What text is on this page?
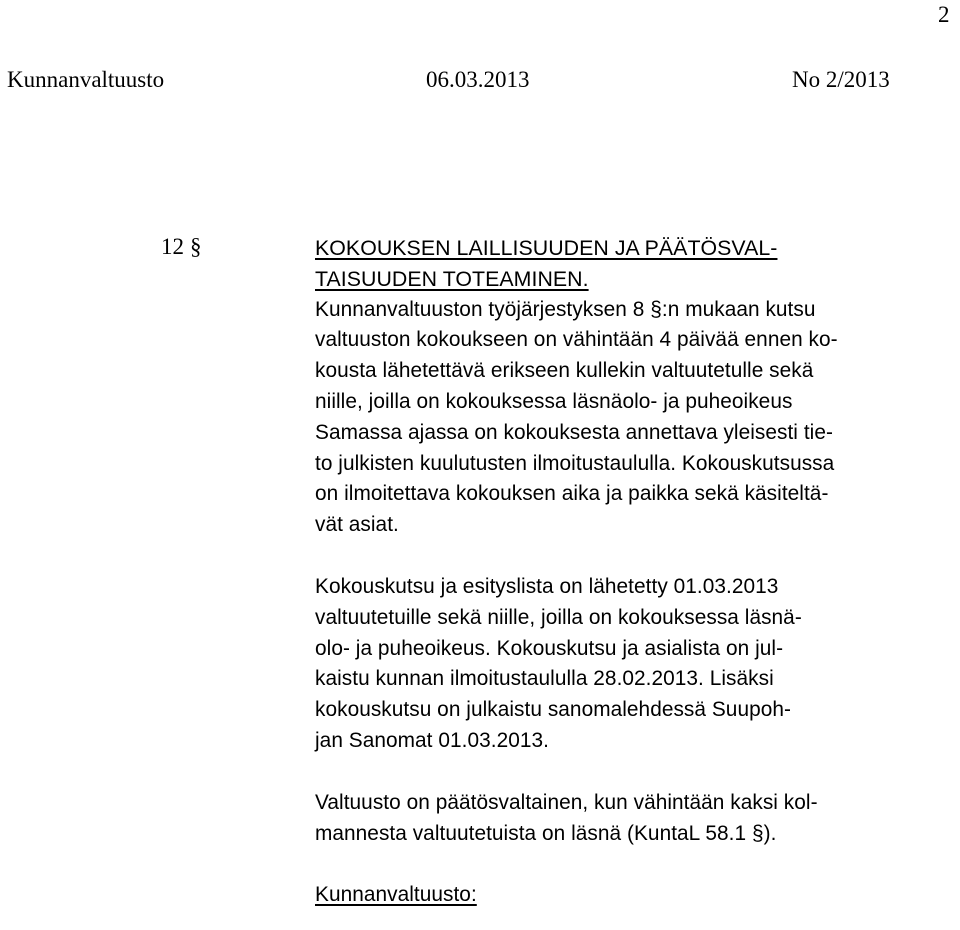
2
Kunnanvaltuusto	06.03.2013	No 2/2013
12 §	KOKOUKSEN LAILLISUUDEN JA PÄÄTÖSVAL-
TAISUUDEN TOTEAMINEN.
Kunnanvaltuuston työjärjestyksen 8 §:n mukaan kutsu
valtuuston kokoukseen on vähintään 4 päivää ennen ko-
kousta lähetettävä erikseen kullekin valtuutetulle sekä
niille, joilla on kokouksessa läsnäolo- ja puheoikeus
Samassa ajassa on kokouksesta annettava yleisesti tie-
to julkisten kuulutusten ilmoitustaululla. Kokouskutsussa
on ilmoitettava kokouksen aika ja paikka sekä käsiteltä-
vät asiat.
Kokouskutsu ja esityslista on lähetetty 01.03.2013
valtuutetuille sekä niille, joilla on kokouksessa läsnä-
olo- ja puheoikeus. Kokouskutsu ja asialista on jul-
kaistu kunnan ilmoitustaululla 28.02.2013. Lisäksi
kokouskutsu on julkaistu sanomalehdessä Suupoh-
jan Sanomat 01.03.2013.
Valtuusto on päätösvaltainen, kun vähintään kaksi kol-
mannesta valtuutetuista on läsnä (KuntaL 58.1 §).
Kunnanvaltuusto:
